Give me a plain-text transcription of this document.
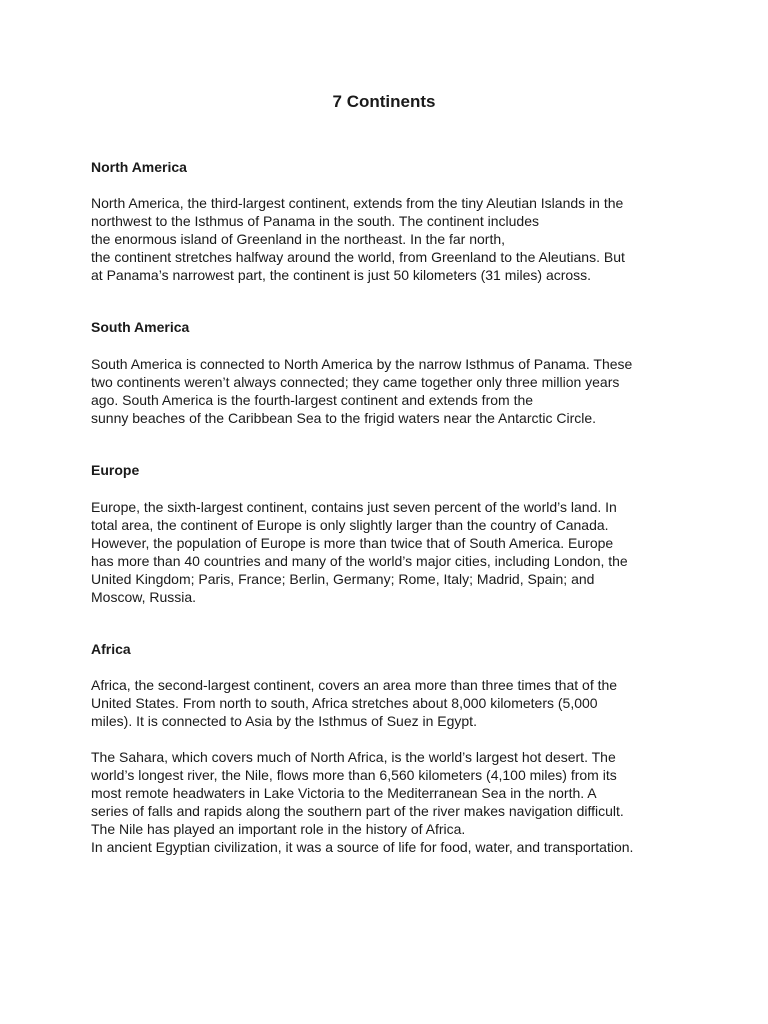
7 Continents
North America

North America, the third-largest continent, extends from the tiny Aleutian Islands in the
northwest to the Isthmus of Panama in the south. The continent includes
the enormous island of Greenland in the northeast. In the far north,
the continent stretches halfway around the world, from Greenland to the Aleutians. But
at Panama’s narrowest part, the continent is just 50 kilometers (31 miles) across.

South America

South America is connected to North America by the narrow Isthmus of Panama. These
two continents weren’t always connected; they came together only three million years
ago. South America is the fourth-largest continent and extends from the
sunny beaches of the Caribbean Sea to the frigid waters near the Antarctic Circle.

Europe

Europe, the sixth-largest continent, contains just seven percent of the world’s land. In
total area, the continent of Europe is only slightly larger than the country of Canada.
However, the population of Europe is more than twice that of South America. Europe
has more than 40 countries and many of the world’s major cities, including London, the
United Kingdom; Paris, France; Berlin, Germany; Rome, Italy; Madrid, Spain; and
Moscow, Russia.

Africa

Africa, the second-largest continent, covers an area more than three times that of the
United States. From north to south, Africa stretches about 8,000 kilometers (5,000
miles). It is connected to Asia by the Isthmus of Suez in Egypt.

The Sahara, which covers much of North Africa, is the world’s largest hot desert. The
world’s longest river, the Nile, flows more than 6,560 kilometers (4,100 miles) from its
most remote headwaters in Lake Victoria to the Mediterranean Sea in the north. A
series of falls and rapids along the southern part of the river makes navigation difficult.
The Nile has played an important role in the history of Africa.
In ancient Egyptian civilization, it was a source of life for food, water, and transportation.
